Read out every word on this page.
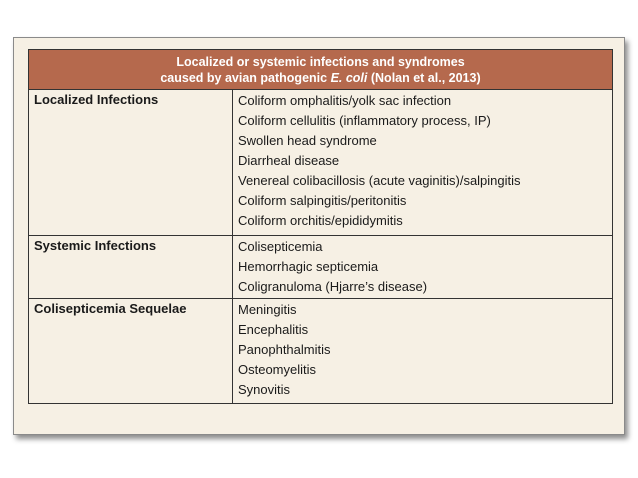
Localized or systemic infections and syndromes
caused by avian pathogenic E. coli (Nolan et al., 2013)
Localized Infections	Coliform omphalitis/yolk sac infection
Coliform cellulitis (inflammatory process, IP)
Swollen head syndrome
Diarrheal disease
Venereal colibacillosis (acute vaginitis)/salpingitis
Coliform salpingitis/peritonitis
Coliform orchitis/epididymitis
Systemic Infections	Colisepticemia
Hemorrhagic septicemia
Coligranuloma (Hjarre’s disease)
Colisepticemia Sequelae	Meningitis
Encephalitis
Panophthalmitis
Osteomyelitis
Synovitis
